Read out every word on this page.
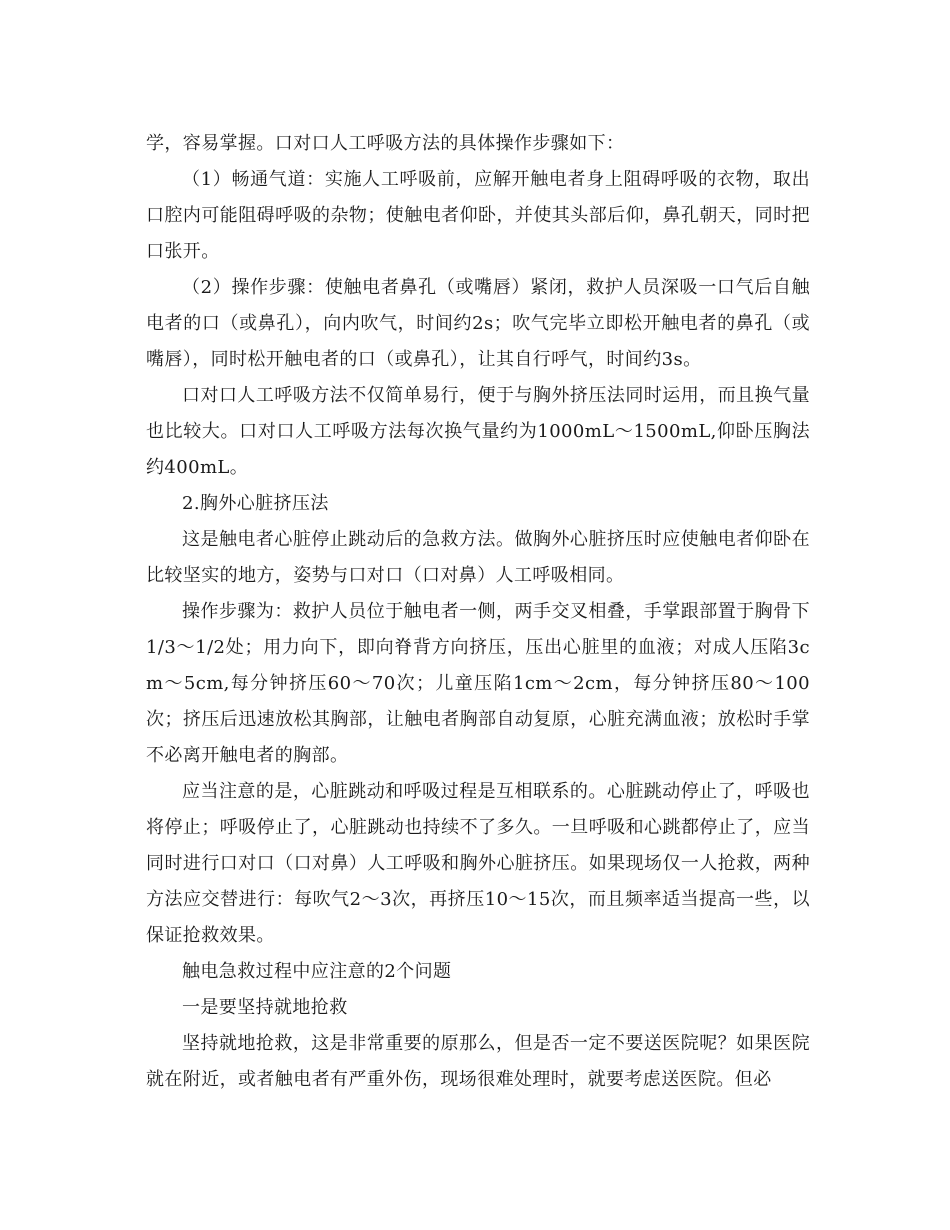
学，容易掌握。口对口人工呼吸方法的具体操作步骤如下：

（1）畅通气道：实施人工呼吸前，应解开触电者身上阻碍呼吸的衣物，取出口腔内可能阻碍呼吸的杂物；使触电者仰卧，并使其头部后仰，鼻孔朝天，同时把口张开。

（2）操作步骤：使触电者鼻孔（或嘴唇）紧闭，救护人员深吸一口气后自触电者的口（或鼻孔），向内吹气，时间约2s；吹气完毕立即松开触电者的鼻孔（或嘴唇），同时松开触电者的口（或鼻孔），让其自行呼气，时间约3s。

口对口人工呼吸方法不仅简单易行，便于与胸外挤压法同时运用，而且换气量也比较大。口对口人工呼吸方法每次换气量约为1000mL～1500mL,仰卧压胸法约400mL。

2.胸外心脏挤压法

这是触电者心脏停止跳动后的急救方法。做胸外心脏挤压时应使触电者仰卧在比较坚实的地方，姿势与口对口（口对鼻）人工呼吸相同。

操作步骤为：救护人员位于触电者一侧，两手交叉相叠，手掌跟部置于胸骨下1/3～1/2处；用力向下，即向脊背方向挤压，压出心脏里的血液；对成人压陷3cm～5cm,每分钟挤压60～70次；儿童压陷1cm～2cm，每分钟挤压80～100次；挤压后迅速放松其胸部，让触电者胸部自动复原，心脏充满血液；放松时手掌不必离开触电者的胸部。

应当注意的是，心脏跳动和呼吸过程是互相联系的。心脏跳动停止了，呼吸也将停止；呼吸停止了，心脏跳动也持续不了多久。一旦呼吸和心跳都停止了，应当同时进行口对口（口对鼻）人工呼吸和胸外心脏挤压。如果现场仅一人抢救，两种方法应交替进行：每吹气2～3次，再挤压10～15次，而且频率适当提高一些，以保证抢救效果。

触电急救过程中应注意的2个问题

一是要坚持就地抢救

坚持就地抢救，这是非常重要的原那么，但是否一定不要送医院呢？如果医院就在附近，或者触电者有严重外伤，现场很难处理时，就要考虑送医院。但必
